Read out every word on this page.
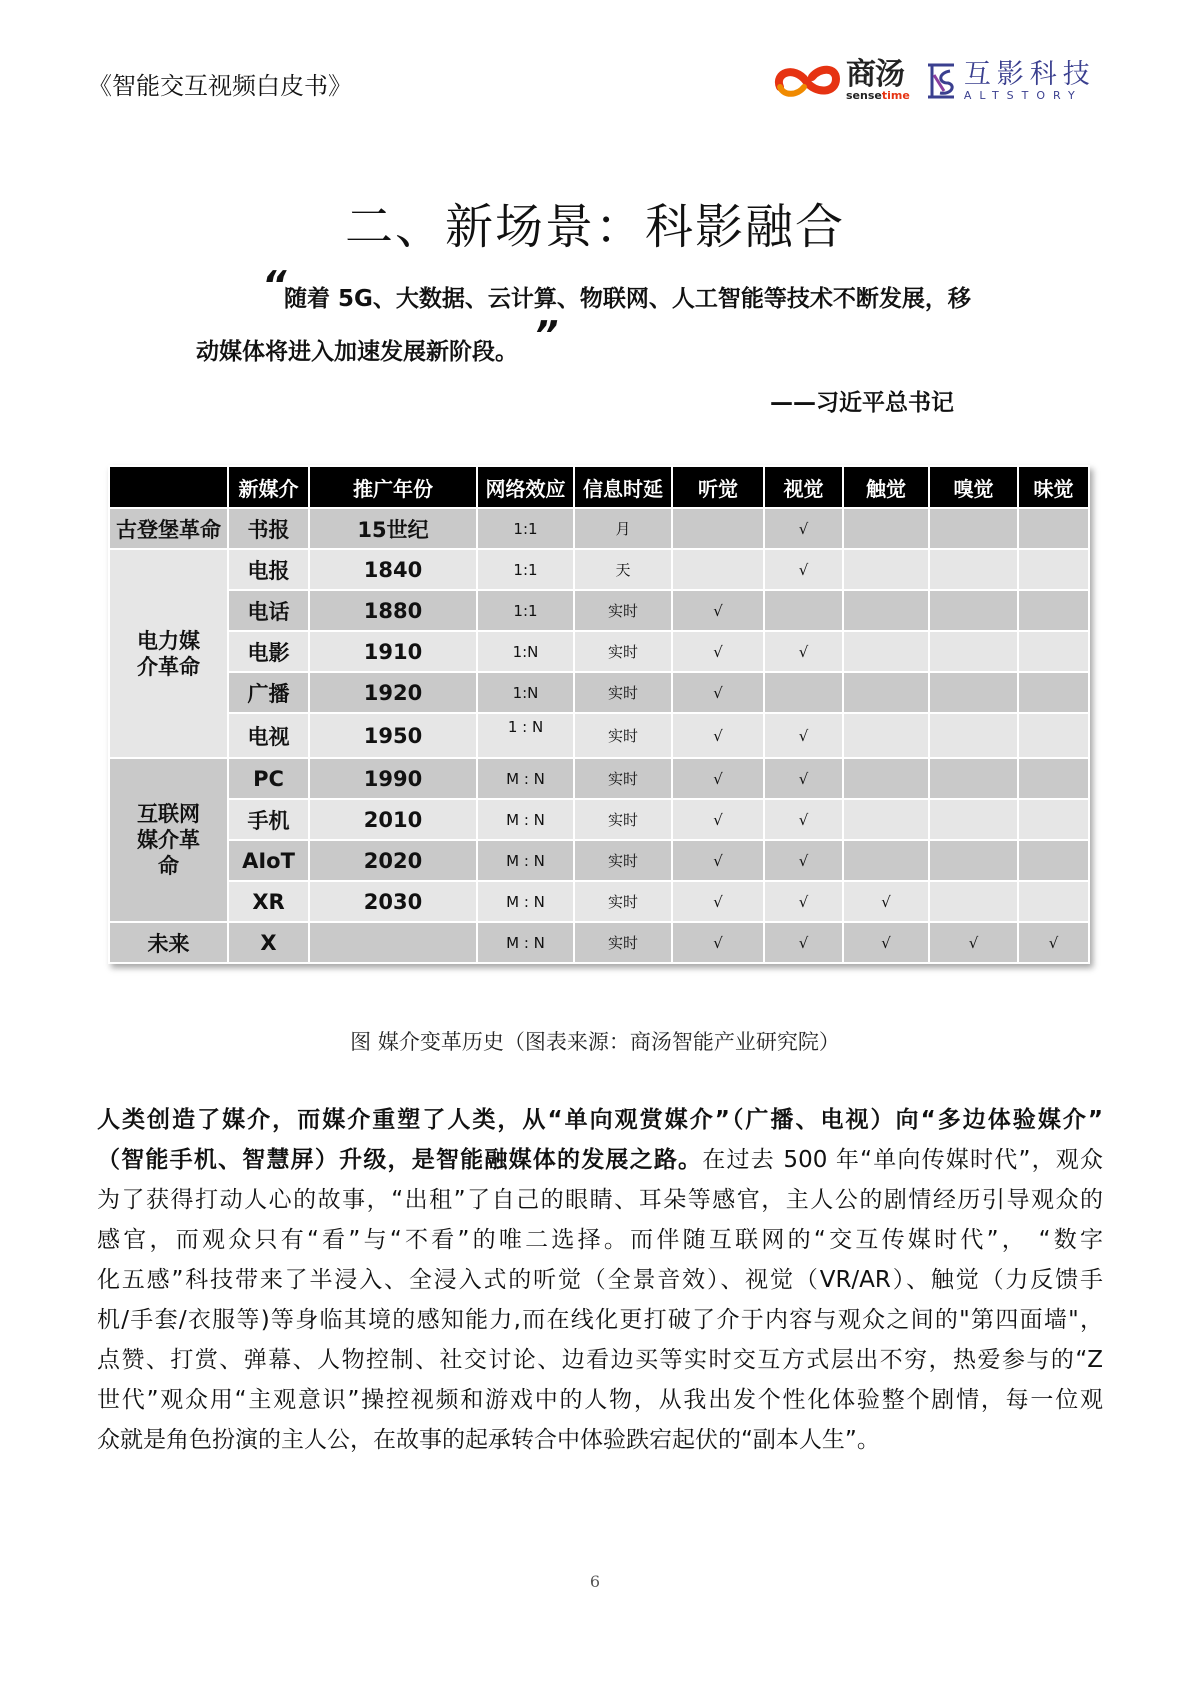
《智能交互视频白皮书》	商汤
sensetime
互影科技
ALTSTORY
二、新场景：科影融合
“
随着 5G、大数据、云计算、物联网、人工智能等技术不断发展，移
动媒体将进入加速发展新阶段。 ”
——习近平总书记
	新媒介	推广年份	网络效应	信息时延	听觉	视觉	触觉	嗅觉	味觉
古登堡革命	书报	15世纪	1:1	月		√			
电力媒介革命	电报	1840	1:1	天		√			
	电话	1880	1:1	实时	√				
	电影	1910	1:N	实时	√	√			
	广播	1920	1:N	实时	√				
	电视	1950	1 : N	实时	√	√			
互联网媒介革命	PC	1990	M : N	实时	√	√			
	手机	2010	M : N	实时	√	√			
	AIoT	2020	M : N	实时	√	√			
	XR	2030	M : N	实时	√	√	√		
未来	X		M : N	实时	√	√	√	√	√
图 媒介变革历史（图表来源：商汤智能产业研究院）
人类创造了媒介，而媒介重塑了人类，从“单向观赏媒介”（广播、电视）向“多边体验媒介”
（智能手机、智慧屏）升级，是智能融媒体的发展之路。在过去 500 年“单向传媒时代”，观众
为了获得打动人心的故事，“出租”了自己的眼睛、耳朵等感官，主人公的剧情经历引导观众的
感官，而观众只有“看”与“不看”的唯二选择。而伴随互联网的“交互传媒时代”， “数字
化五感”科技带来了半浸入、全浸入式的听觉（全景音效）、视觉（VR/AR）、触觉（力反馈手
机/手套/衣服等)等身临其境的感知能力,而在线化更打破了介于内容与观众之间的"第四面墙"，
点赞、打赏、弹幕、人物控制、社交讨论、边看边买等实时交互方式层出不穷，热爱参与的“Z
世代”观众用“主观意识”操控视频和游戏中的人物，从我出发个性化体验整个剧情，每一位观
众就是角色扮演的主人公，在故事的起承转合中体验跌宕起伏的“副本人生”。
6
